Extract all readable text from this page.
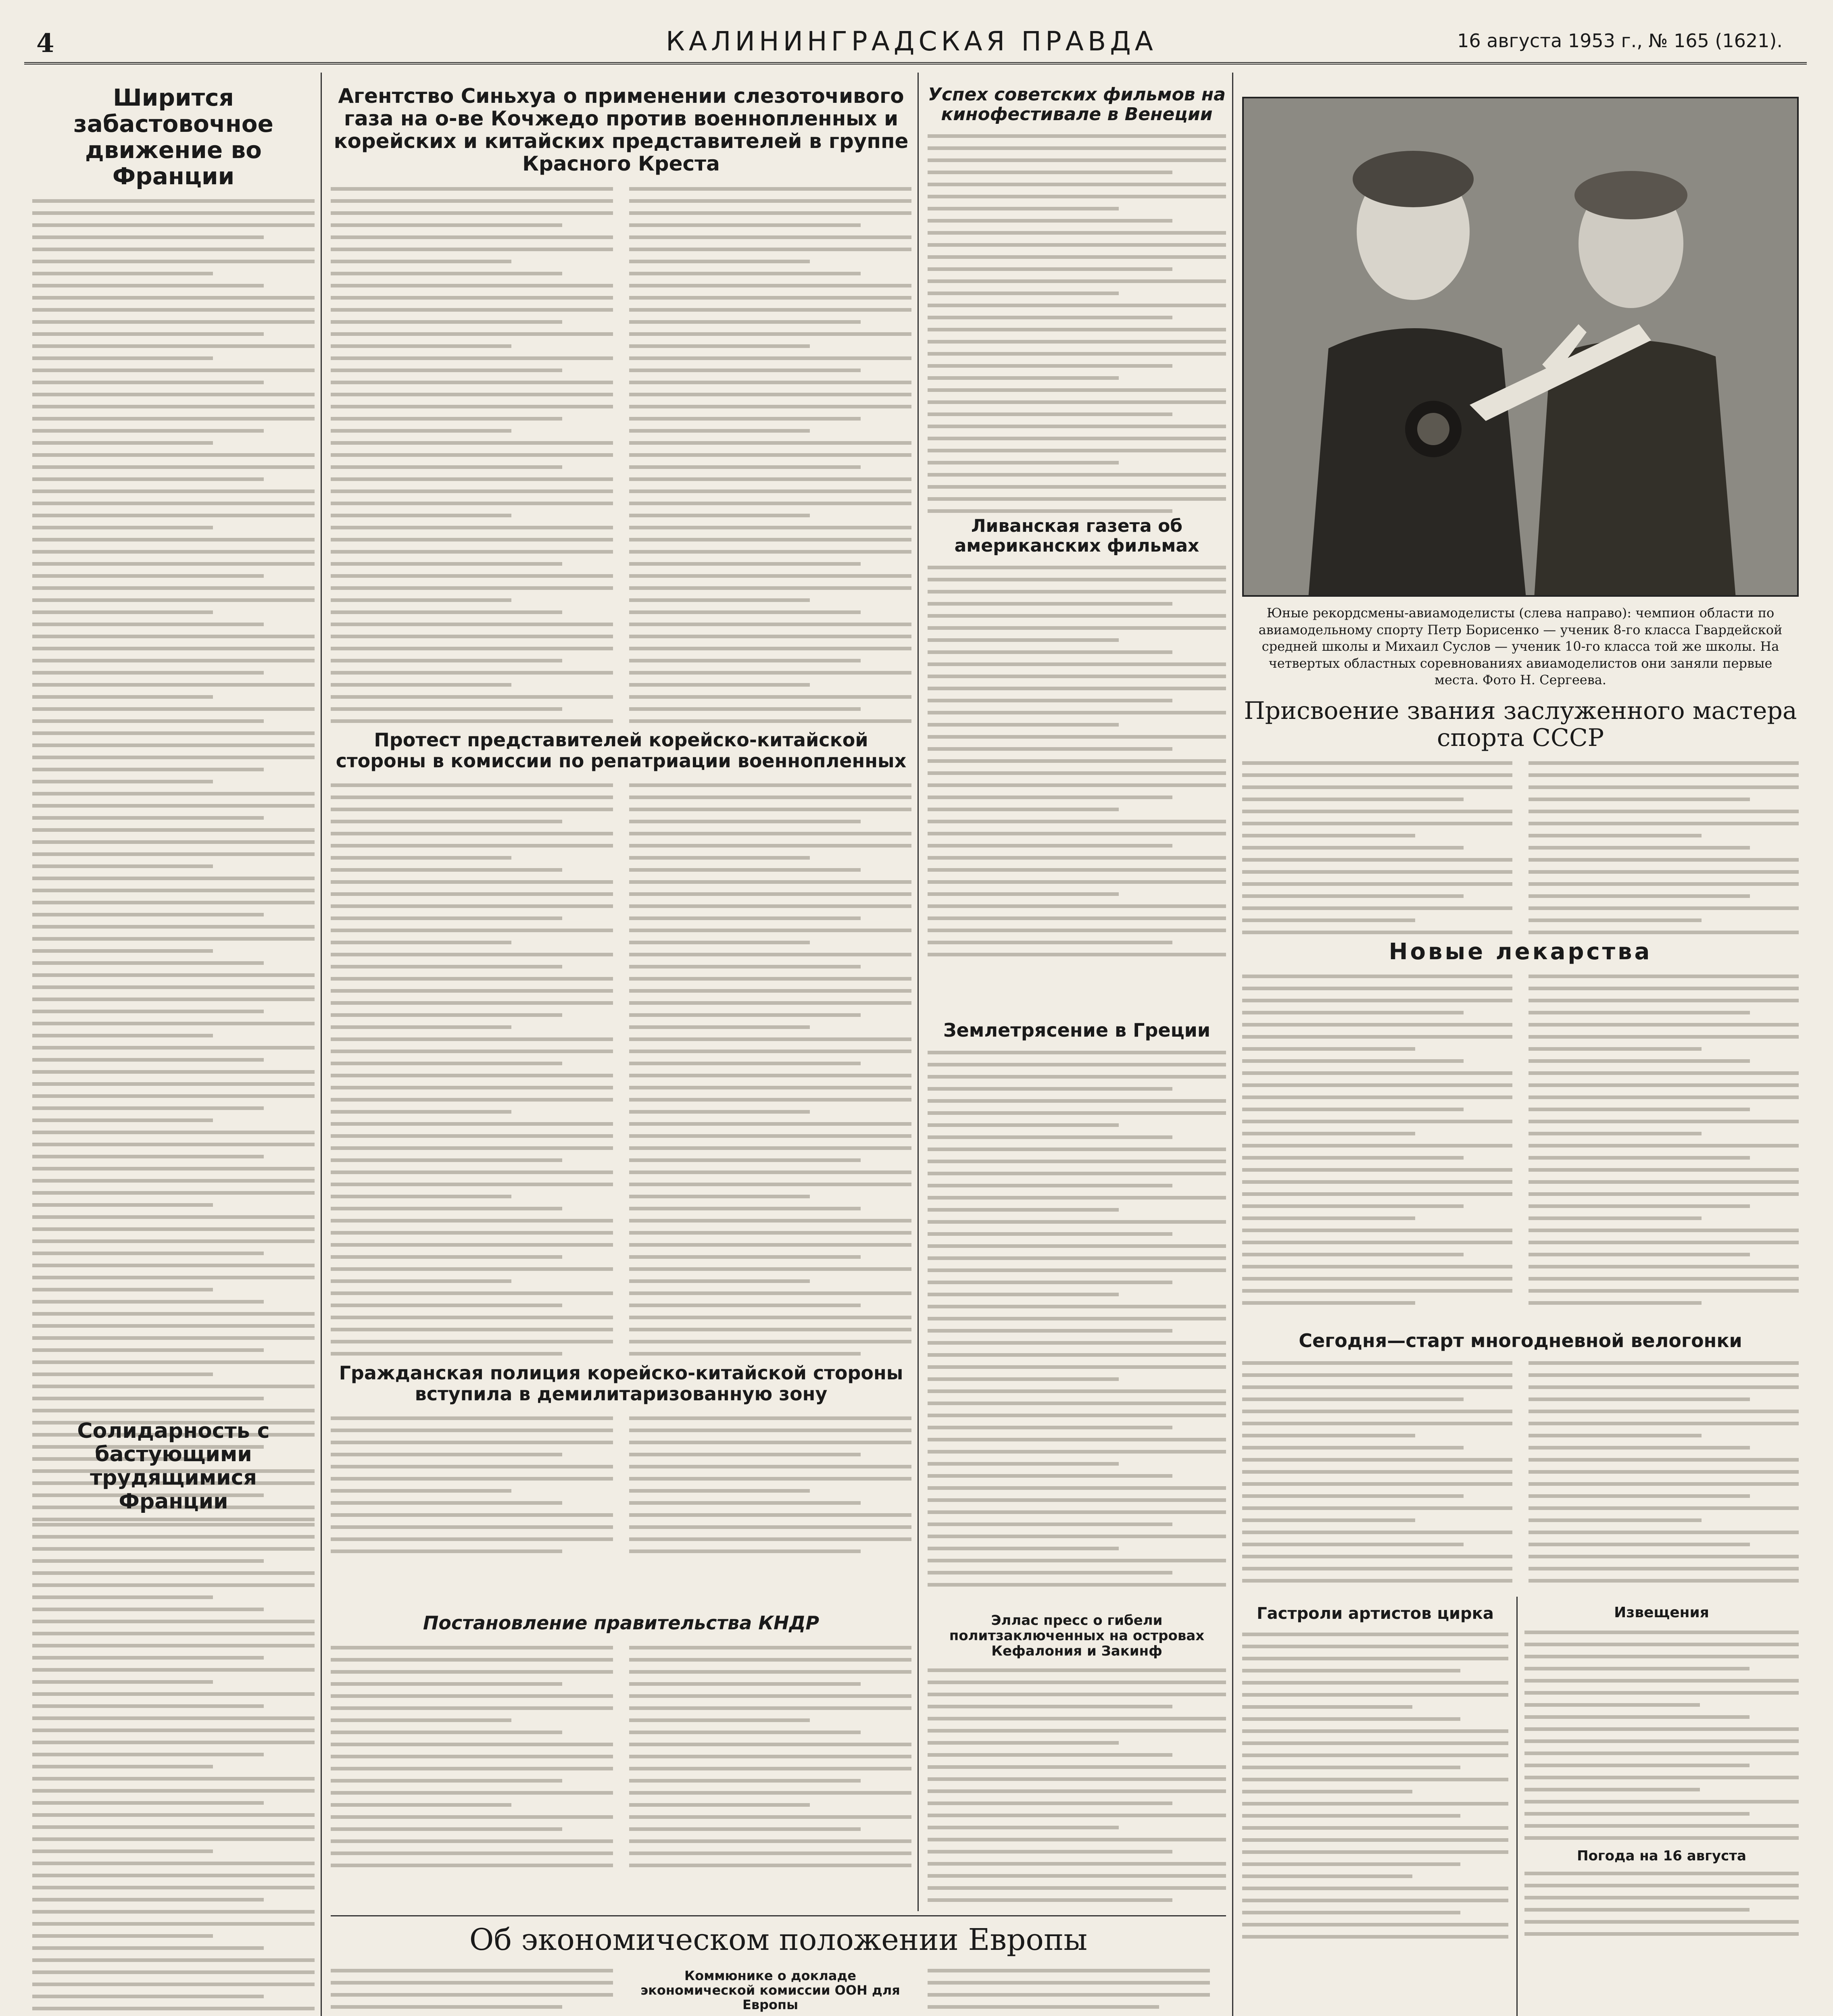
4	КАЛИНИНГРАДСКАЯ ПРАВДА	16 августа 1953 г., № 165 (1621).
Ширится забастовочное движение во Франции
Солидарность с бастующими трудящимися Франции
Агентство Синьхуа о применении слезоточивого газа на о-ве Кочжедо против военнопленных и корейских и китайских представителей в группе Красного Креста
Протест представителей корейско-китайской стороны в комиссии по репатриации военнопленных
Гражданская полиция корейско-китайской стороны вступила в демилитаризованную зону
Постановление правительства КНДР
Успех советских фильмов на кинофестивале в Венеции
Ливанская газета об американских фильмах
Землетрясение в Греции
Эллас пресс о гибели политзаключенных на островах Кефалония и Закинф
Об экономическом положении Европы
Коммюнике о докладе экономической комиссии ООН для Европы
Юные рекордсмены-авиамоделисты (слева направо): чемпион области по авиамодельному спорту Петр Борисенко — ученик 8-го класса Гвардейской средней школы и Михаил Суслов — ученик 10-го класса той же школы. На четвертых областных соревнованиях авиамоделистов они заняли первые места. Фото Н. Сергеева.
Присвоение звания заслуженного мастера спорта СССР
Новые лекарства
Сегодня—старт многодневной велогонки
Гастроли артистов цирка	Извещения
Погода на 16 августа
